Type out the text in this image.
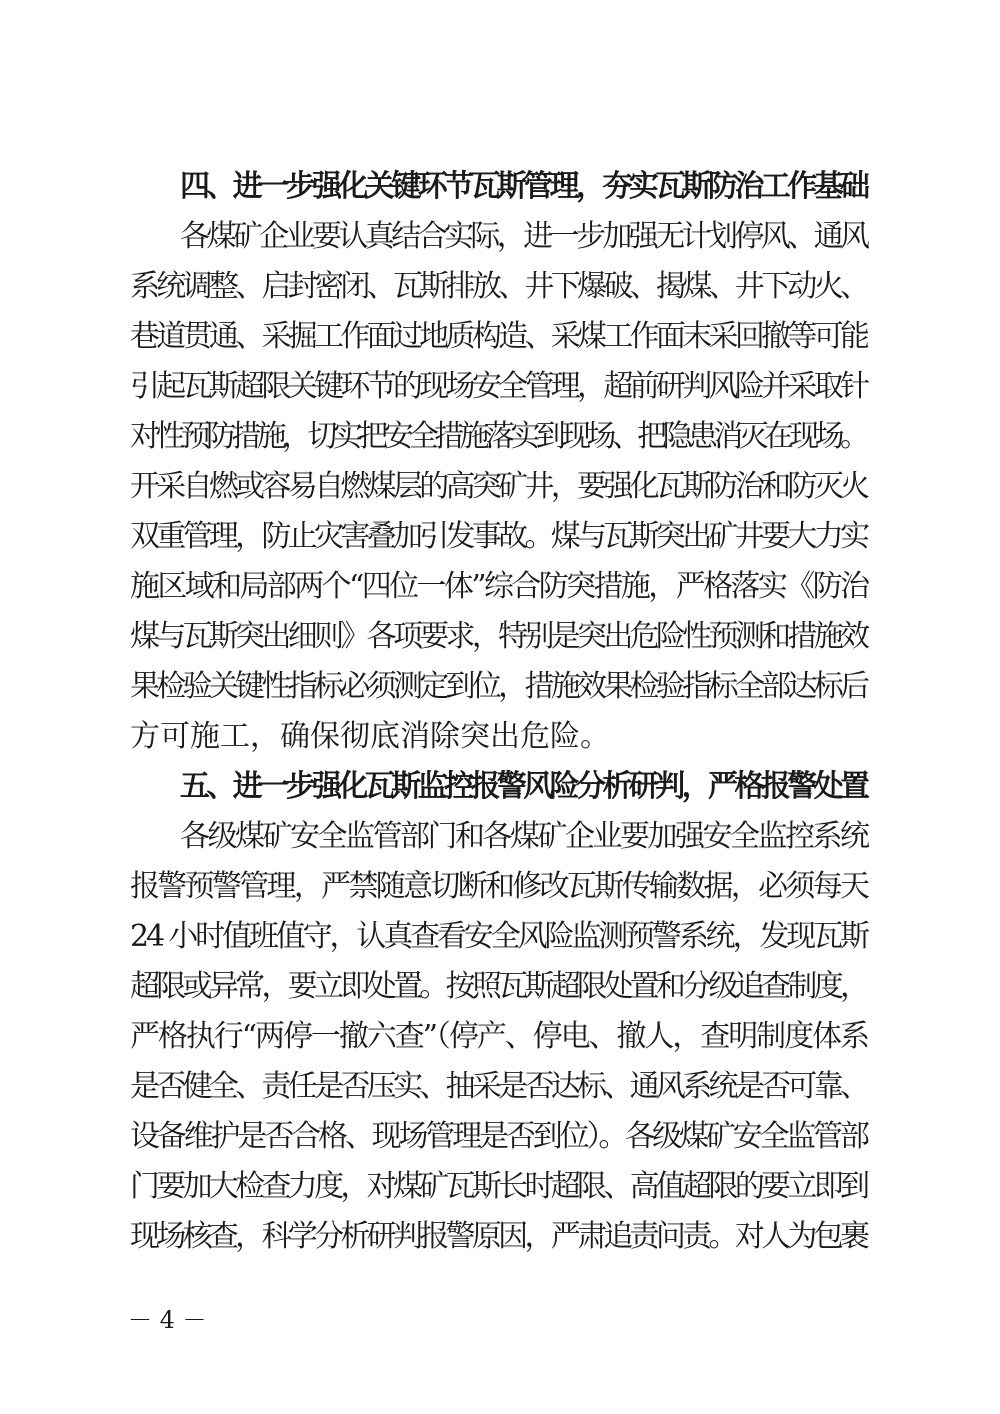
四、进一步强化关键环节瓦斯管理，夯实瓦斯防治工作基础
各煤矿企业要认真结合实际，进一步加强无计划停风、通风
系统调整、启封密闭、瓦斯排放、井下爆破、揭煤、井下动火、
巷道贯通、采掘工作面过地质构造、采煤工作面末采回撤等可能
引起瓦斯超限关键环节的现场安全管理，超前研判风险并采取针
对性预防措施，切实把安全措施落实到现场、把隐患消灭在现场。
开采自燃或容易自燃煤层的高突矿井，要强化瓦斯防治和防灭火
双重管理，防止灾害叠加引发事故。煤与瓦斯突出矿井要大力实
施区域和局部两个“四位一体”综合防突措施，严格落实《防治
煤与瓦斯突出细则》各项要求，特别是突出危险性预测和措施效
果检验关键性指标必须测定到位，措施效果检验指标全部达标后
方可施工，确保彻底消除突出危险。
五、进一步强化瓦斯监控报警风险分析研判，严格报警处置
各级煤矿安全监管部门和各煤矿企业要加强安全监控系统
报警预警管理，严禁随意切断和修改瓦斯传输数据，必须每天
24 小时值班值守，认真查看安全风险监测预警系统，发现瓦斯
超限或异常，要立即处置。按照瓦斯超限处置和分级追查制度，
严格执行“两停一撤六查”（停产、停电、撤人，查明制度体系
是否健全、责任是否压实、抽采是否达标、通风系统是否可靠、
设备维护是否合格、现场管理是否到位）。各级煤矿安全监管部
门要加大检查力度，对煤矿瓦斯长时超限、高值超限的要立即到
现场核查，科学分析研判报警原因，严肃追责问责。对人为包裹
－ 4 －
